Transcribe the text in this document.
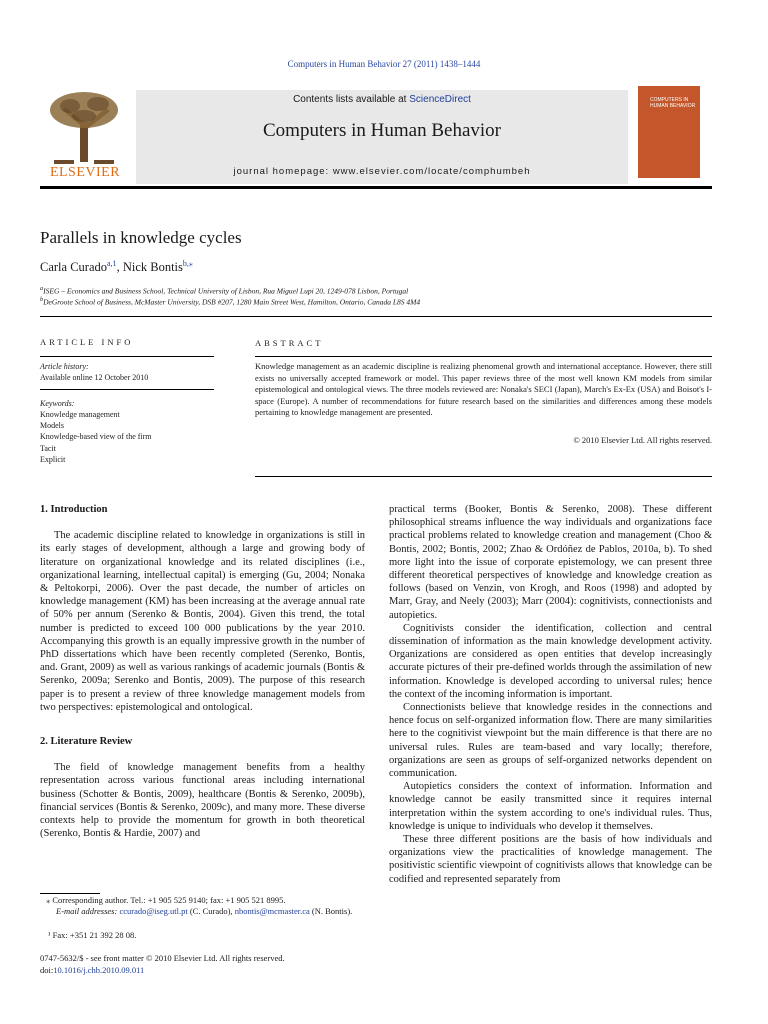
Computers in Human Behavior 27 (2011) 1438–1444
ELSEVIER
Contents lists available at ScienceDirect
Computers in Human Behavior
journal homepage: www.elsevier.com/locate/comphumbeh
COMPUTERS IN HUMAN BEHAVIOR
Parallels in knowledge cycles
Carla Curado$^{a,1}$, Nick Bontis$^{b,⁎}$
$^a$ISEG – Economics and Business School, Technical University of Lisbon, Rua Miguel Lupi 20, 1249-078 Lisbon, Portugal
$^b$DeGroote School of Business, McMaster University, DSB #207, 1280 Main Street West, Hamilton, Ontario, Canada L8S 4M4
ARTICLE INFO
Article history:
Available online 12 October 2010
Keywords:
Knowledge management
Models
Knowledge-based view of the firm
Tacit
Explicit
ABSTRACT
Knowledge management as an academic discipline is realizing phenomenal growth and international acceptance. However, there still exists no universally accepted framework or model. This paper reviews three of the most well known KM models from similar epistemological and ontological views. The three models reviewed are: Nonaka's SECI (Japan), March's Ex-Ex (USA) and Boisot's I-space (Europe). A number of recommendations for future research based on the similarities and differences among these models pertaining to knowledge management are presented.
© 2010 Elsevier Ltd. All rights reserved.
1. Introduction

The academic discipline related to knowledge in organizations is still in its early stages of development, although a large and growing body of literature on organizational knowledge and its related disciplines (i.e., organizational learning, intellectual capital) is emerging (Gu, 2004; Nonaka & Peltokorpi, 2006). Over the past decade, the number of articles on knowledge management (KM) has been increasing at the average annual rate of 50% per annum (Serenko & Bontis, 2004). Given this trend, the total number is predicted to exceed 100 000 publications by the year 2010. Accompanying this growth is an equally impressive growth in the number of PhD dissertations which have been recently completed (Serenko, Bontis, and. Grant, 2009) as well as various rankings of academic journals (Bontis & Serenko, 2009a; Serenko and Bontis, 2009). The purpose of this research paper is to present a review of three knowledge management models from two perspectives: epistemological and ontological.

2. Literature Review

The field of knowledge management benefits from a healthy representation across various functional areas including international business (Schotter & Bontis, 2009), healthcare (Bontis & Serenko, 2009b), financial services (Bontis & Serenko, 2009c), and many more. These diverse contexts help to provide the momentum for growth in both theoretical (Serenko, Bontis & Hardie, 2007) and

practical terms (Booker, Bontis & Serenko, 2008). These different philosophical streams influence the way individuals and organizations face practical problems related to knowledge creation and management (Choo & Bontis, 2002; Bontis, 2002; Zhao & Ordóñez de Pablos, 2010a, b). To shed more light into the issue of corporate epistemology, we can present three different theoretical perspectives of knowledge and knowledge creation as follows (based on Venzin, von Krogh, and Roos (1998) and adopted by Marr, Gray, and Neely (2003); Marr (2004): cognitivists, connectionists and autopietics.

Cognitivists consider the identification, collection and central dissemination of information as the main knowledge development activity. Organizations are considered as open entities that develop increasingly accurate pictures of their pre-defined worlds through the assimilation of new information. Knowledge is developed according to universal rules; hence the context of the incoming information is important.

Connectionists believe that knowledge resides in the connections and hence focus on self-organized information flow. There are many similarities here to the cognitivist viewpoint but the main difference is that there are no universal rules. Rules are team-based and vary locally; therefore, organizations are seen as groups of self-organized networks dependent on communication.

Autopietics considers the context of information. Information and knowledge cannot be easily transmitted since it requires internal interpretation within the system according to one's individual rules. Thus, knowledge is unique to individuals who develop it themselves.

These three different positions are the basis of how individuals and organizations view the practicalities of knowledge management. The positivistic scientific viewpoint of cognitivists allows that knowledge can be codified and represented separately from

⁎ Corresponding author. Tel.: +1 905 525 9140; fax: +1 905 521 8995.
E-mail addresses: ccurado@iseg.utl.pt (C. Curado), nbontis@mcmaster.ca (N. Bontis).
¹ Fax: +351 21 392 28 08.
0747-5632/$ - see front matter © 2010 Elsevier Ltd. All rights reserved.
doi:10.1016/j.chb.2010.09.011
